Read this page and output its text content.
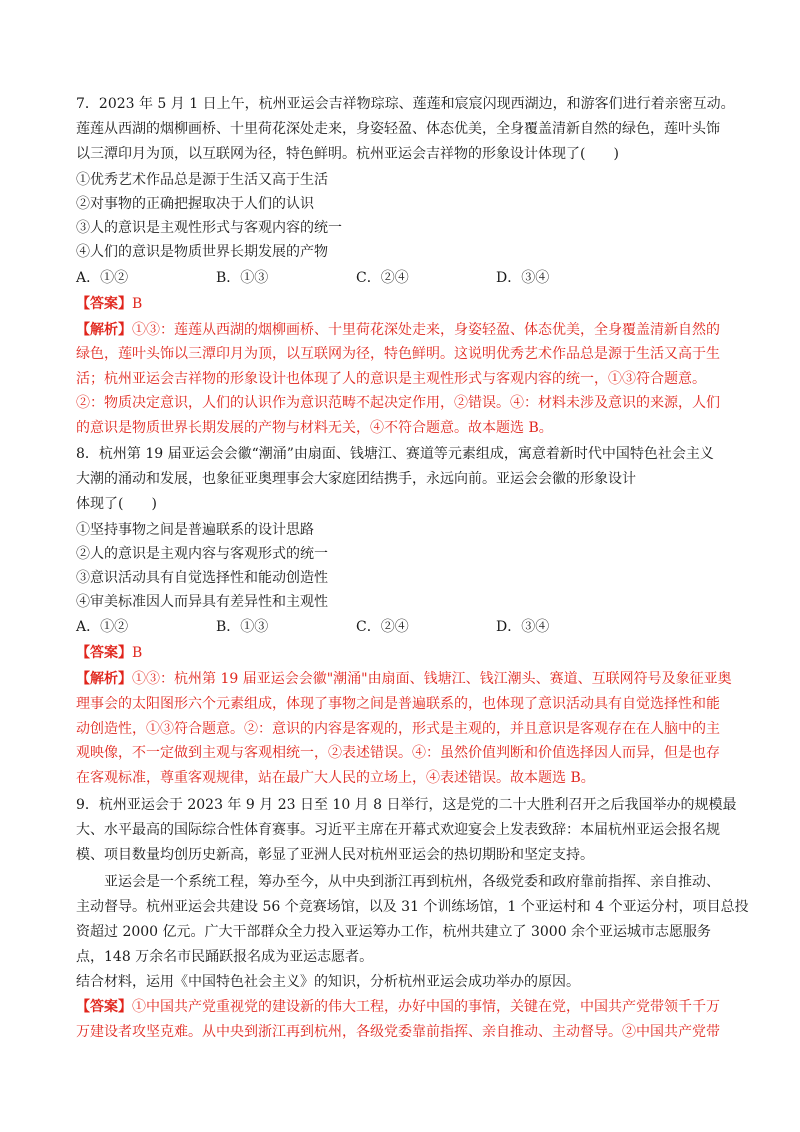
7．2023 年 5 月 1 日上午，杭州亚运会吉祥物琮琮、莲莲和宸宸闪现西湖边，和游客们进行着亲密互动。
莲莲从西湖的烟柳画桥、十里荷花深处走来，身姿轻盈、体态优美，全身覆盖清新自然的绿色，莲叶头饰
以三潭印月为顶，以互联网为径，特色鲜明。杭州亚运会吉祥物的形象设计体现了(　　)
①优秀艺术作品总是源于生活又高于生活
②对事物的正确把握取决于人们的认识
③人的意识是主观性形式与客观内容的统一
④人们的意识是物质世界长期发展的产物
A．①②	B．①③	C．②④	D．③④
【答案】B
【解析】①③：莲莲从西湖的烟柳画桥、十里荷花深处走来，身姿轻盈、体态优美，全身覆盖清新自然的
绿色，莲叶头饰以三潭印月为顶，以互联网为径，特色鲜明。这说明优秀艺术作品总是源于生活又高于生
活；杭州亚运会吉祥物的形象设计也体现了人的意识是主观性形式与客观内容的统一，①③符合题意。
②：物质决定意识，人们的认识作为意识范畴不起决定作用，②错误。④：材料未涉及意识的来源，人们
的意识是物质世界长期发展的产物与材料无关，④不符合题意。故本题选 B。
8．杭州第 19 届亚运会会徽“潮涌”由扇面、钱塘江、赛道等元素组成，寓意着新时代中国特色社会主义
大潮的涌动和发展，也象征亚奥理事会大家庭团结携手，永远向前。亚运会会徽的形象设计
体现了(　　)
①坚持事物之间是普遍联系的设计思路
②人的意识是主观内容与客观形式的统一
③意识活动具有自觉选择性和能动创造性
④审美标准因人而异具有差异性和主观性
A．①②	B．①③	C．②④	D．③④
【答案】B
【解析】①③：杭州第 19 届亚运会会徽"潮涌"由扇面、钱塘江、钱江潮头、赛道、互联网符号及象征亚奥
理事会的太阳图形六个元素组成，体现了事物之间是普遍联系的，也体现了意识活动具有自觉选择性和能
动创造性，①③符合题意。②：意识的内容是客观的，形式是主观的，并且意识是客观存在在人脑中的主
观映像，不一定做到主观与客观相统一，②表述错误。④：虽然价值判断和价值选择因人而异，但是也存
在客观标准，尊重客观规律，站在最广大人民的立场上，④表述错误。故本题选 B。
9．杭州亚运会于 2023 年 9 月 23 日至 10 月 8 日举行，这是党的二十大胜利召开之后我国举办的规模最
大、水平最高的国际综合性体育赛事。习近平主席在开幕式欢迎宴会上发表致辞：本届杭州亚运会报名规
模、项目数量均创历史新高，彰显了亚洲人民对杭州亚运会的热切期盼和坚定支持。
　　亚运会是一个系统工程，筹办至今，从中央到浙江再到杭州，各级党委和政府靠前指挥、亲自推动、
主动督导。杭州亚运会共建设 56 个竞赛场馆，以及 31 个训练场馆，1 个亚运村和 4 个亚运分村，项目总投
资超过 2000 亿元。广大干部群众全力投入亚运筹办工作，杭州共建立了 3000 余个亚运城市志愿服务
点，148 万余名市民踊跃报名成为亚运志愿者。
结合材料，运用《中国特色社会主义》的知识，分析杭州亚运会成功举办的原因。
【答案】①中国共产党重视党的建设新的伟大工程，办好中国的事情，关键在党，中国共产党带领千千万
万建设者攻坚克难。从中央到浙江再到杭州，各级党委靠前指挥、亲自推动、主动督导。②中国共产党带
